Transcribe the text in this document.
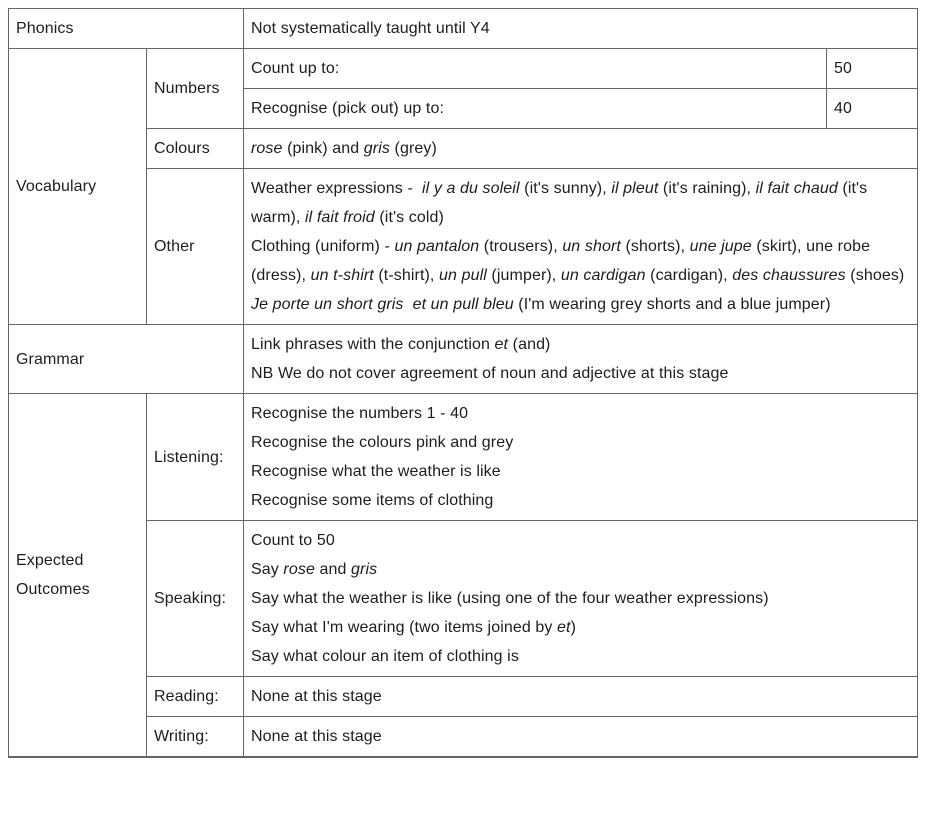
Phonics		Not systematically taught until Y4	

Vocabulary	Numbers	Count up to:	50
		Recognise (pick out) up to:	40
	Colours	rose (pink) and gris (grey)	

	Other	Weather expressions -  il y a du soleil (it's sunny), il pleut (it's raining), il fait chaud (it's warm), il fait froid (it's cold)
Clothing (uniform) - un pantalon (trousers), un short (shorts), une jupe (skirt), une robe (dress), un t-shirt (t-shirt), un pull (jumper), un cardigan (cardigan), des chaussures (shoes)
Je porte un short gris  et un pull bleu (I'm wearing grey shorts and a blue jumper)	

Grammar		Link phrases with the conjunction et (and)
NB We do not cover agreement of noun and adjective at this stage	

Expected Outcomes	Listening:	Recognise the numbers 1 - 40
Recognise the colours pink and grey
Recognise what the weather is like
Recognise some items of clothing	

	Speaking:	Count to 50
Say rose and gris
Say what the weather is like (using one of the four weather expressions)
Say what I'm wearing (two items joined by et)
Say what colour an item of clothing is	

	Reading:	None at this stage	
	Writing:	None at this stage	
